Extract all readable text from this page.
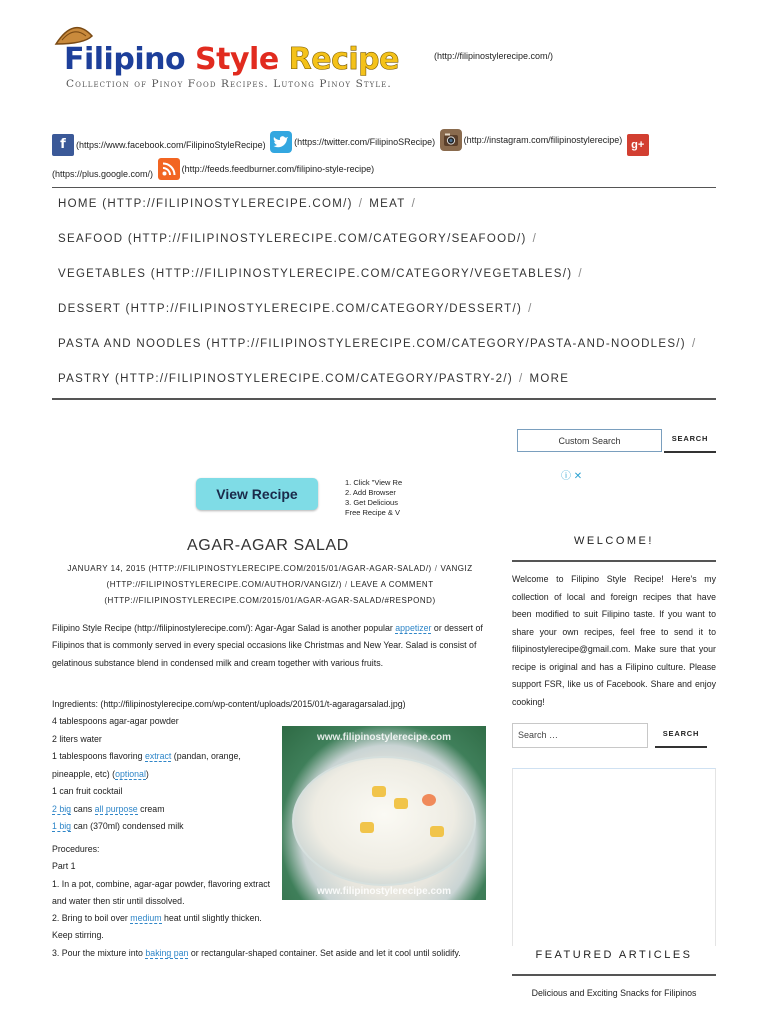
Filipino Style Recipe
Collection of Pinoy Food Recipes. Lutong Pinoy Style.
(http://filipinostylerecipe.com/)
f	(https://www.facebook.com/FilipinoStyleRecipe)
	(https://twitter.com/FilipinoSRecipe)
	(http://instagram.com/filipinostylerecipe)
g+

(https://plus.google.com/)
	(http://feeds.feedburner.com/filipino-style-recipe)
HOME (HTTP://FILIPINOSTYLERECIPE.COM/) / MEAT /
SEAFOOD (HTTP://FILIPINOSTYLERECIPE.COM/CATEGORY/SEAFOOD/) /
VEGETABLES (HTTP://FILIPINOSTYLERECIPE.COM/CATEGORY/VEGETABLES/) /
DESSERT (HTTP://FILIPINOSTYLERECIPE.COM/CATEGORY/DESSERT/) /
PASTA AND NOODLES (HTTP://FILIPINOSTYLERECIPE.COM/CATEGORY/PASTA-AND-NOODLES/) /
PASTRY (HTTP://FILIPINOSTYLERECIPE.COM/CATEGORY/PASTRY-2/) / MORE
View Recipe
1. Click "View Re
2. Add Browser
3. Get Delicious
Free Recipe & V
ⓘ ✕
AGAR-AGAR SALAD
JANUARY 14, 2015 (HTTP://FILIPINOSTYLERECIPE.COM/2015/01/AGAR-AGAR-SALAD/) / VANGIZ (HTTP://FILIPINOSTYLERECIPE.COM/AUTHOR/VANGIZ/) / LEAVE A COMMENT (HTTP://FILIPINOSTYLERECIPE.COM/2015/01/AGAR-AGAR-SALAD/#RESPOND)
Filipino Style Recipe (http://filipinostylerecipe.com/): Agar-Agar Salad is another popular appetizer or dessert of Filipinos that is commonly served in every special occasions like Christmas and New Year. Salad is consist of gelatinous substance blend in condensed milk and cream together with various fruits.
Ingredients: (http://filipinostylerecipe.com/wp-content/uploads/2015/01/t-agaragarsalad.jpg)
4 tablespoons agar-agar powder
2 liters water
1 tablespoons flavoring extract (pandan, orange, pineapple, etc) (optional)
1 can fruit cocktail
2 big cans all purpose cream
1 big can (370ml) condensed milk
www.filipinostylerecipe.com
www.filipinostylerecipe.com
Procedures:
Part 1
1. In a pot, combine, agar-agar powder, flavoring extract and water then stir until dissolved.
2. Bring to boil over medium heat until slightly thicken. Keep stirring.
3. Pour the mixture into baking pan or rectangular-shaped container. Set aside and let it cool until solidify.
Custom Search	SEARCH
WELCOME!
Welcome to Filipino Style Recipe! Here's my collection of local and foreign recipes that have been modified to suit Filipino taste. If you want to share your own recipes, feel free to send it to filipinostylerecipe@gmail.com. Make sure that your recipe is original and has a Filipino culture. Please support FSR, like us of Facebook. Share and enjoy cooking!
Search …	SEARCH
FEATURED ARTICLES
Delicious and Exciting Snacks for Filipinos
